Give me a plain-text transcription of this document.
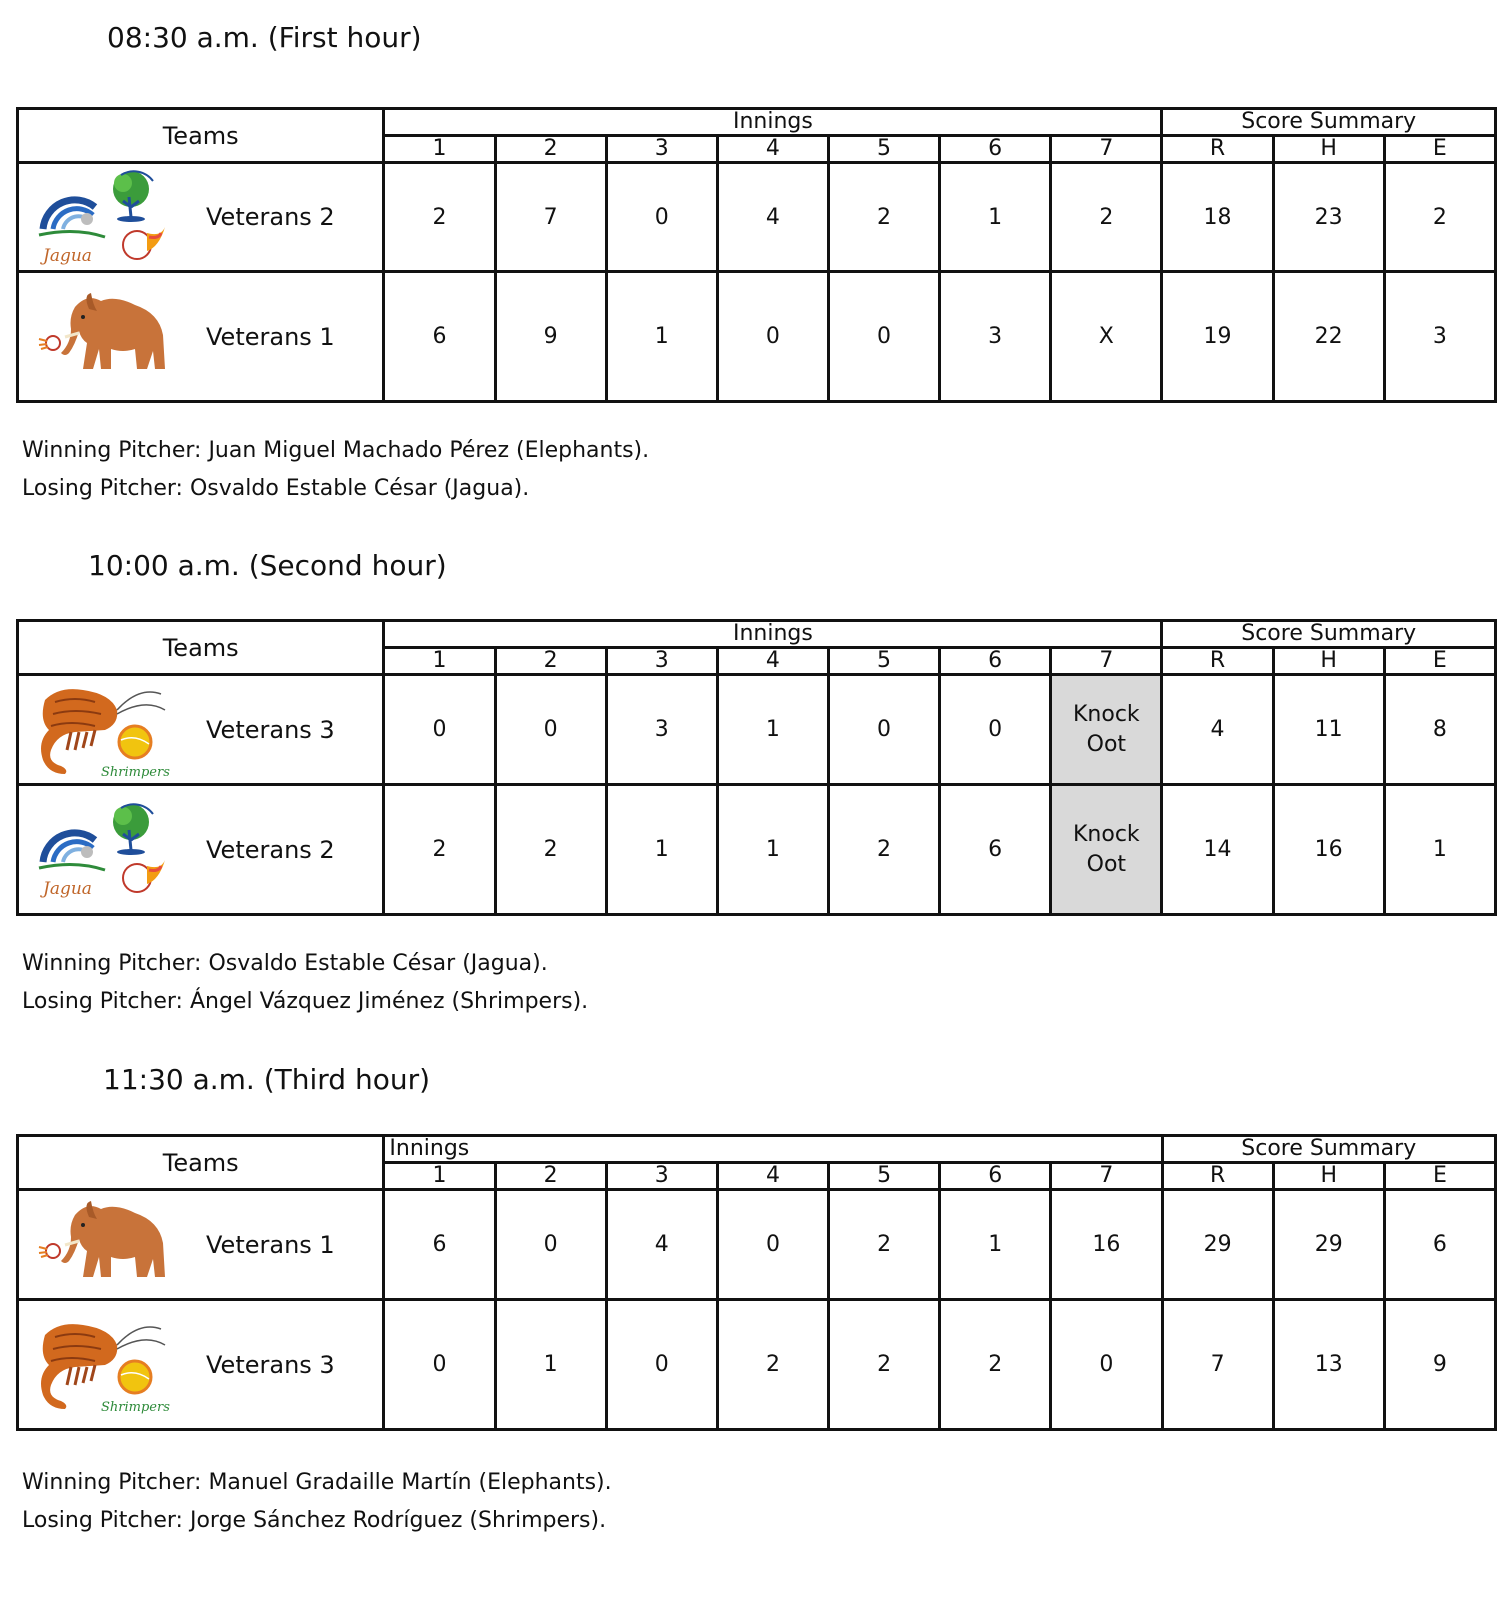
08:30 a.m. (First hour)
Teams	Innings							Score Summary		
	1	2	3	4	5	6	7	R	H	E

Jagua
Veterans 2	2	7	0	4	2	1	2	18	23	2

Veterans 1	6	9	1	0	0	3	X	19	22	3
Winning Pitcher: Juan Miguel Machado Pérez (Elephants).
Losing Pitcher: Osvaldo Estable César (Jagua).
10:00 a.m. (Second hour)
Teams	Innings							Score Summary		
	1	2	3	4	5	6	7	R	H	E

Shrimpers
Veterans 3	0	0	3	1	0	0	Knock
Oot	4	11	8

Jagua
Veterans 2	2	2	1	1	2	6	Knock
Oot	14	16	1
Winning Pitcher: Osvaldo Estable César (Jagua).
Losing Pitcher: Ángel Vázquez Jiménez (Shrimpers).
11:30 a.m. (Third hour)
Teams	Innings							Score Summary		
	1	2	3	4	5	6	7	R	H	E

Veterans 1	6	0	4	0	2	1	16	29	29	6

Shrimpers
Veterans 3	0	1	0	2	2	2	0	7	13	9
Winning Pitcher: Manuel Gradaille Martín (Elephants).
Losing Pitcher: Jorge Sánchez Rodríguez (Shrimpers).
